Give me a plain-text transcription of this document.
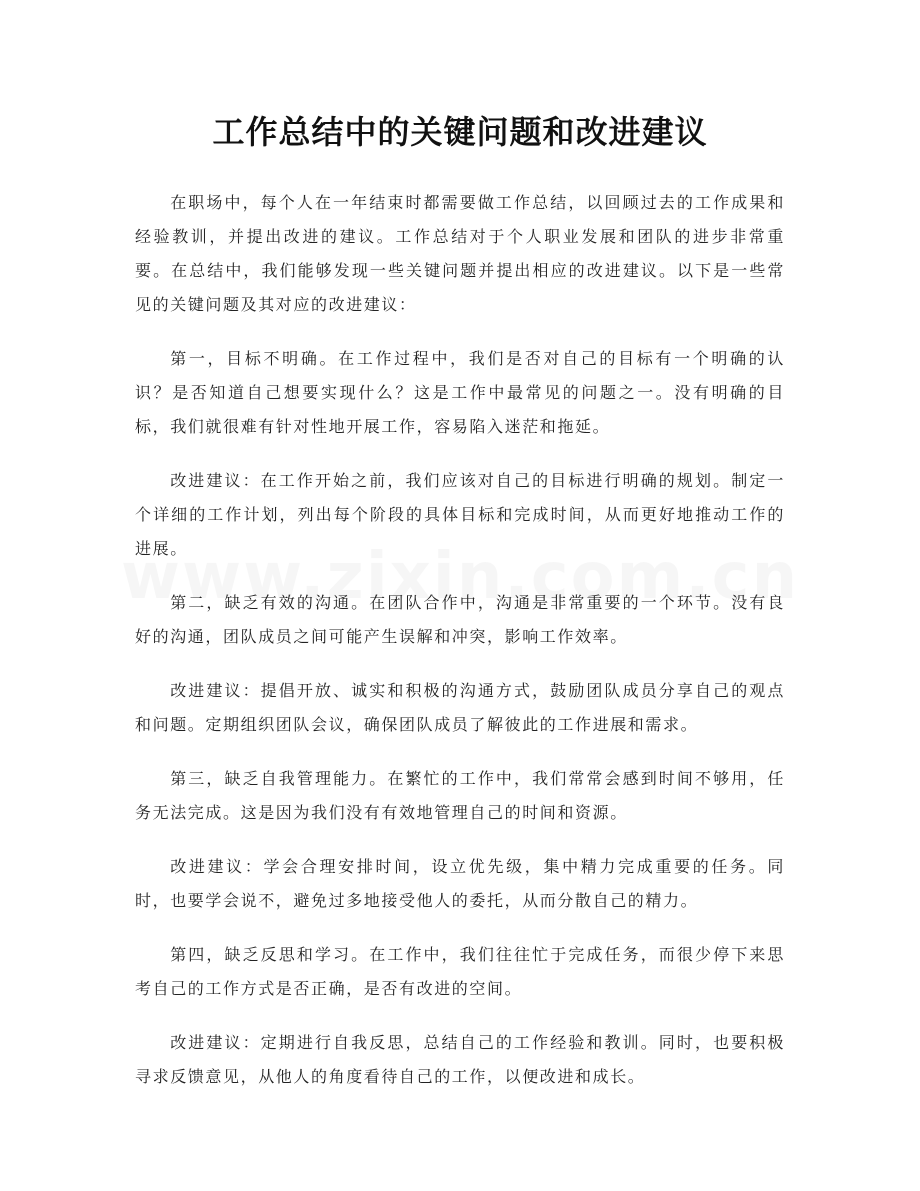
工作总结中的关键问题和改进建议

在职场中，每个人在一年结束时都需要做工作总结，以回顾过去的工作成果和经验教训，并提出改进的建议。工作总结对于个人职业发展和团队的进步非常重要。在总结中，我们能够发现一些关键问题并提出相应的改进建议。以下是一些常见的关键问题及其对应的改进建议：

第一，目标不明确。在工作过程中，我们是否对自己的目标有一个明确的认识？是否知道自己想要实现什么？这是工作中最常见的问题之一。没有明确的目标，我们就很难有针对性地开展工作，容易陷入迷茫和拖延。

改进建议：在工作开始之前，我们应该对自己的目标进行明确的规划。制定一个详细的工作计划，列出每个阶段的具体目标和完成时间，从而更好地推动工作的进展。

第二，缺乏有效的沟通。在团队合作中，沟通是非常重要的一个环节。没有良好的沟通，团队成员之间可能产生误解和冲突，影响工作效率。

改进建议：提倡开放、诚实和积极的沟通方式，鼓励团队成员分享自己的观点和问题。定期组织团队会议，确保团队成员了解彼此的工作进展和需求。

第三，缺乏自我管理能力。在繁忙的工作中，我们常常会感到时间不够用，任务无法完成。这是因为我们没有有效地管理自己的时间和资源。

改进建议：学会合理安排时间，设立优先级，集中精力完成重要的任务。同时，也要学会说不，避免过多地接受他人的委托，从而分散自己的精力。

第四，缺乏反思和学习。在工作中，我们往往忙于完成任务，而很少停下来思考自己的工作方式是否正确，是否有改进的空间。

改进建议：定期进行自我反思，总结自己的工作经验和教训。同时，也要积极寻求反馈意见，从他人的角度看待自己的工作，以便改进和成长。
